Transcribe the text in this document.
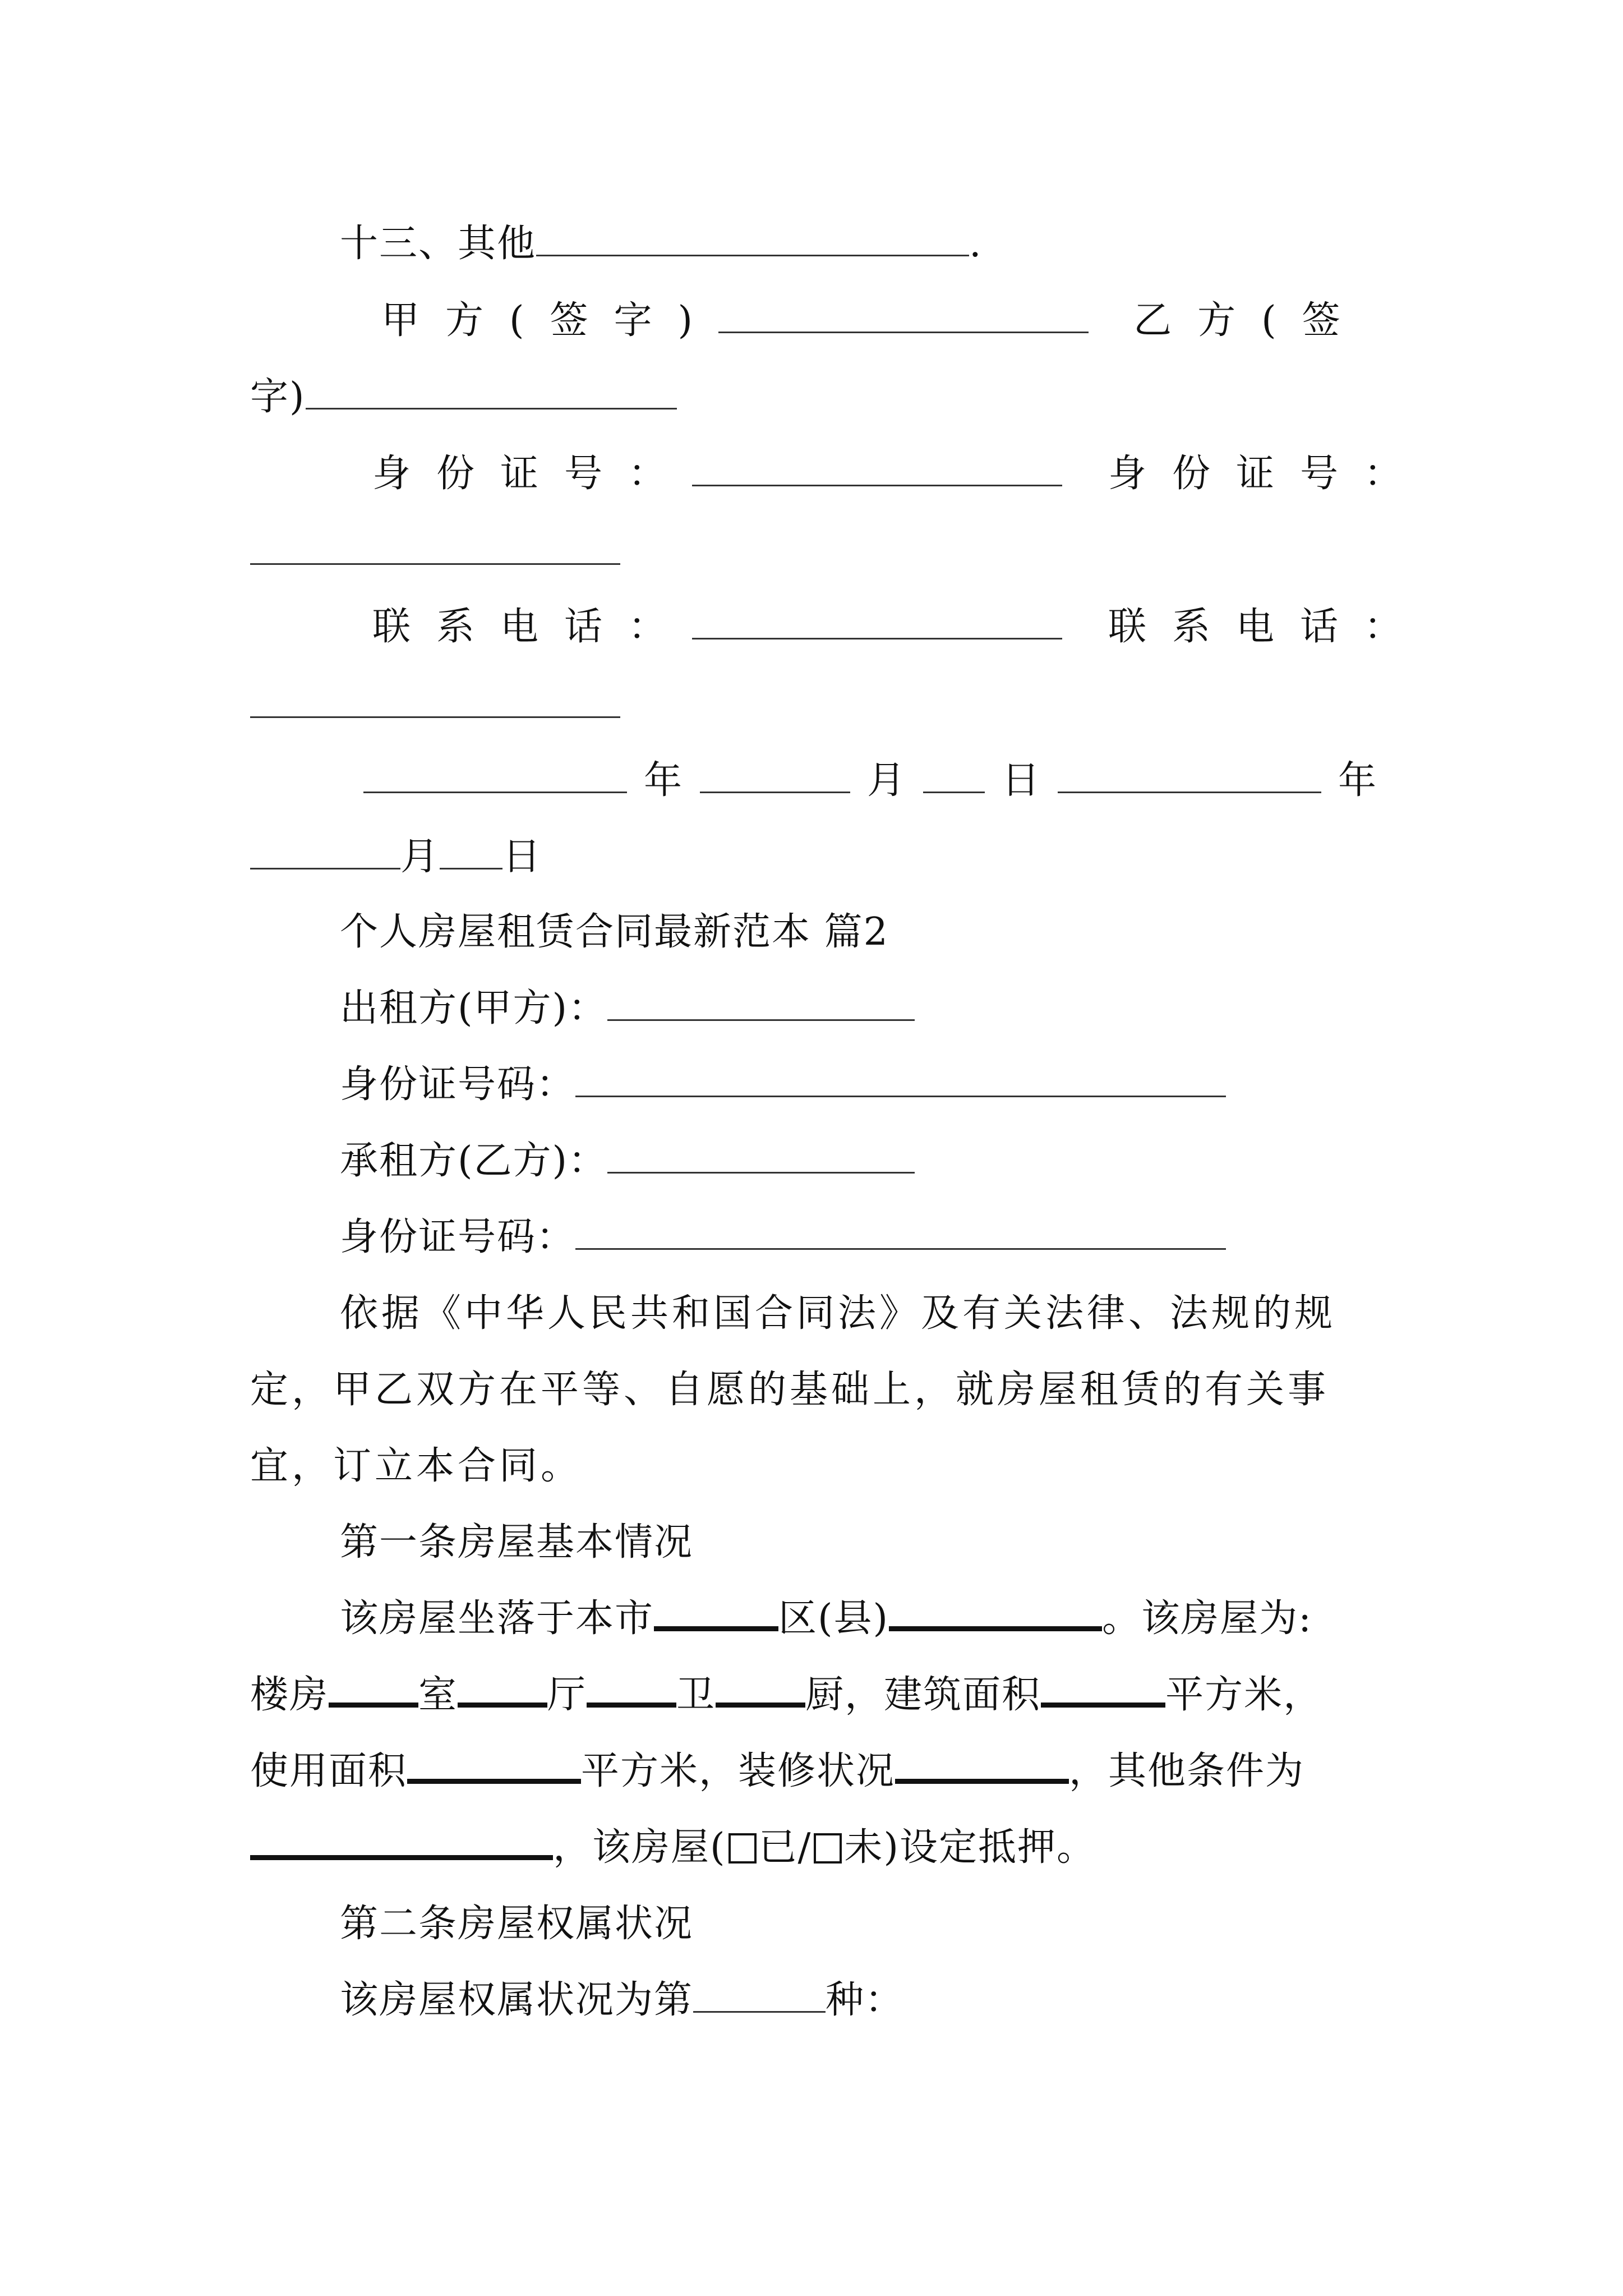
十三、其他	.
甲方(签字)	乙方(签
字)
身份证号：	身份证号：
联系电话：	联系电话：
年	月	日	年
月 日
个人房屋租赁合同最新范本 篇2
出租方(甲方)：
身份证号码：
承租方(乙方)：
身份证号码：
依据《中华人民共和国合同法》及有关法律、法规的规
定，甲乙双方在平等、自愿的基础上，就房屋租赁的有关事
宜，订立本合同。
第一条房屋基本情况
该房屋坐落于本市	区(县)	。该房屋为:
楼房 室 厅 卫 厨，建筑面积	平方米，
使用面积	平方米，装修状况	，其他条件为
，该房屋( 已/ 未)设定抵押。
第二条房屋权属状况
该房屋权属状况为第	种：
